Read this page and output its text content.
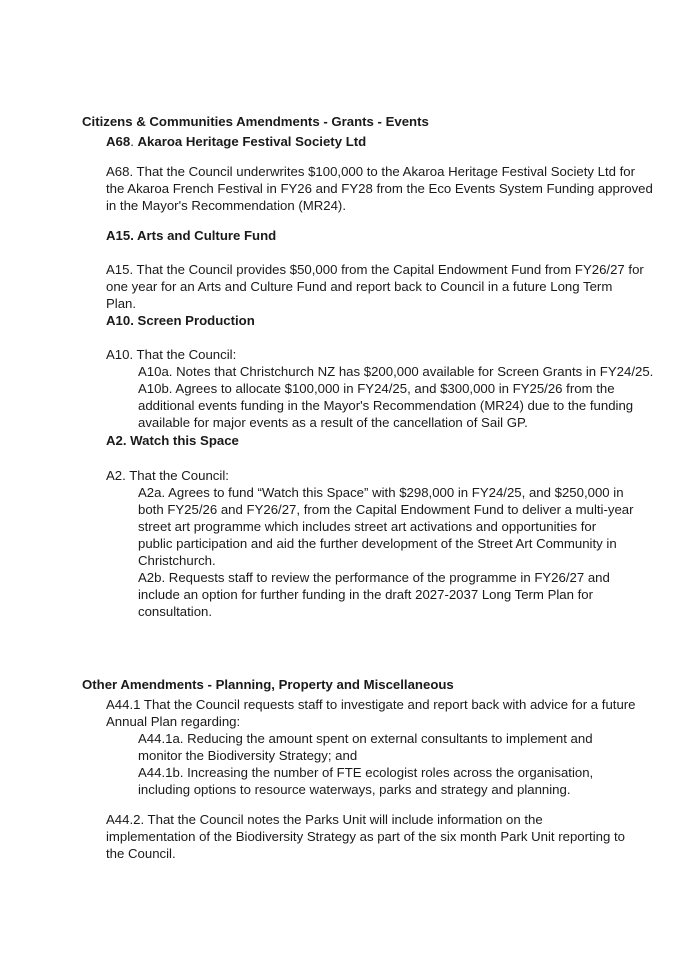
Citizens & Communities Amendments - Grants - Events

A68. Akaroa Heritage Festival Society Ltd

A68. That the Council underwrites $100,000 to the Akaroa Heritage Festival Society Ltd for

the Akaroa French Festival in FY26 and FY28 from the Eco Events System Funding approved

in the Mayor's Recommendation (MR24).

A15. Arts and Culture Fund

A15. That the Council provides $50,000 from the Capital Endowment Fund from FY26/27 for

one year for an Arts and Culture Fund and report back to Council in a future Long Term

Plan.

A10. Screen Production

A10. That the Council:

A10a. Notes that Christchurch NZ has $200,000 available for Screen Grants in FY24/25.

A10b. Agrees to allocate $100,000 in FY24/25, and $300,000 in FY25/26 from the

additional events funding in the Mayor's Recommendation (MR24) due to the funding

available for major events as a result of the cancellation of Sail GP.

A2. Watch this Space

A2. That the Council:

A2a. Agrees to fund “Watch this Space” with $298,000 in FY24/25, and $250,000 in

both FY25/26 and FY26/27, from the Capital Endowment Fund to deliver a multi-year

street art programme which includes street art activations and opportunities for

public participation and aid the further development of the Street Art Community in

Christchurch.

A2b. Requests staff to review the performance of the programme in FY26/27 and

include an option for further funding in the draft 2027-2037 Long Term Plan for

consultation.

Other Amendments - Planning, Property and Miscellaneous

A44.1 That the Council requests staff to investigate and report back with advice for a future

Annual Plan regarding:

A44.1a. Reducing the amount spent on external consultants to implement and

monitor the Biodiversity Strategy; and

A44.1b. Increasing the number of FTE ecologist roles across the organisation,

including options to resource waterways, parks and strategy and planning.

A44.2. That the Council notes the Parks Unit will include information on the

implementation of the Biodiversity Strategy as part of the six month Park Unit reporting to

the Council.
